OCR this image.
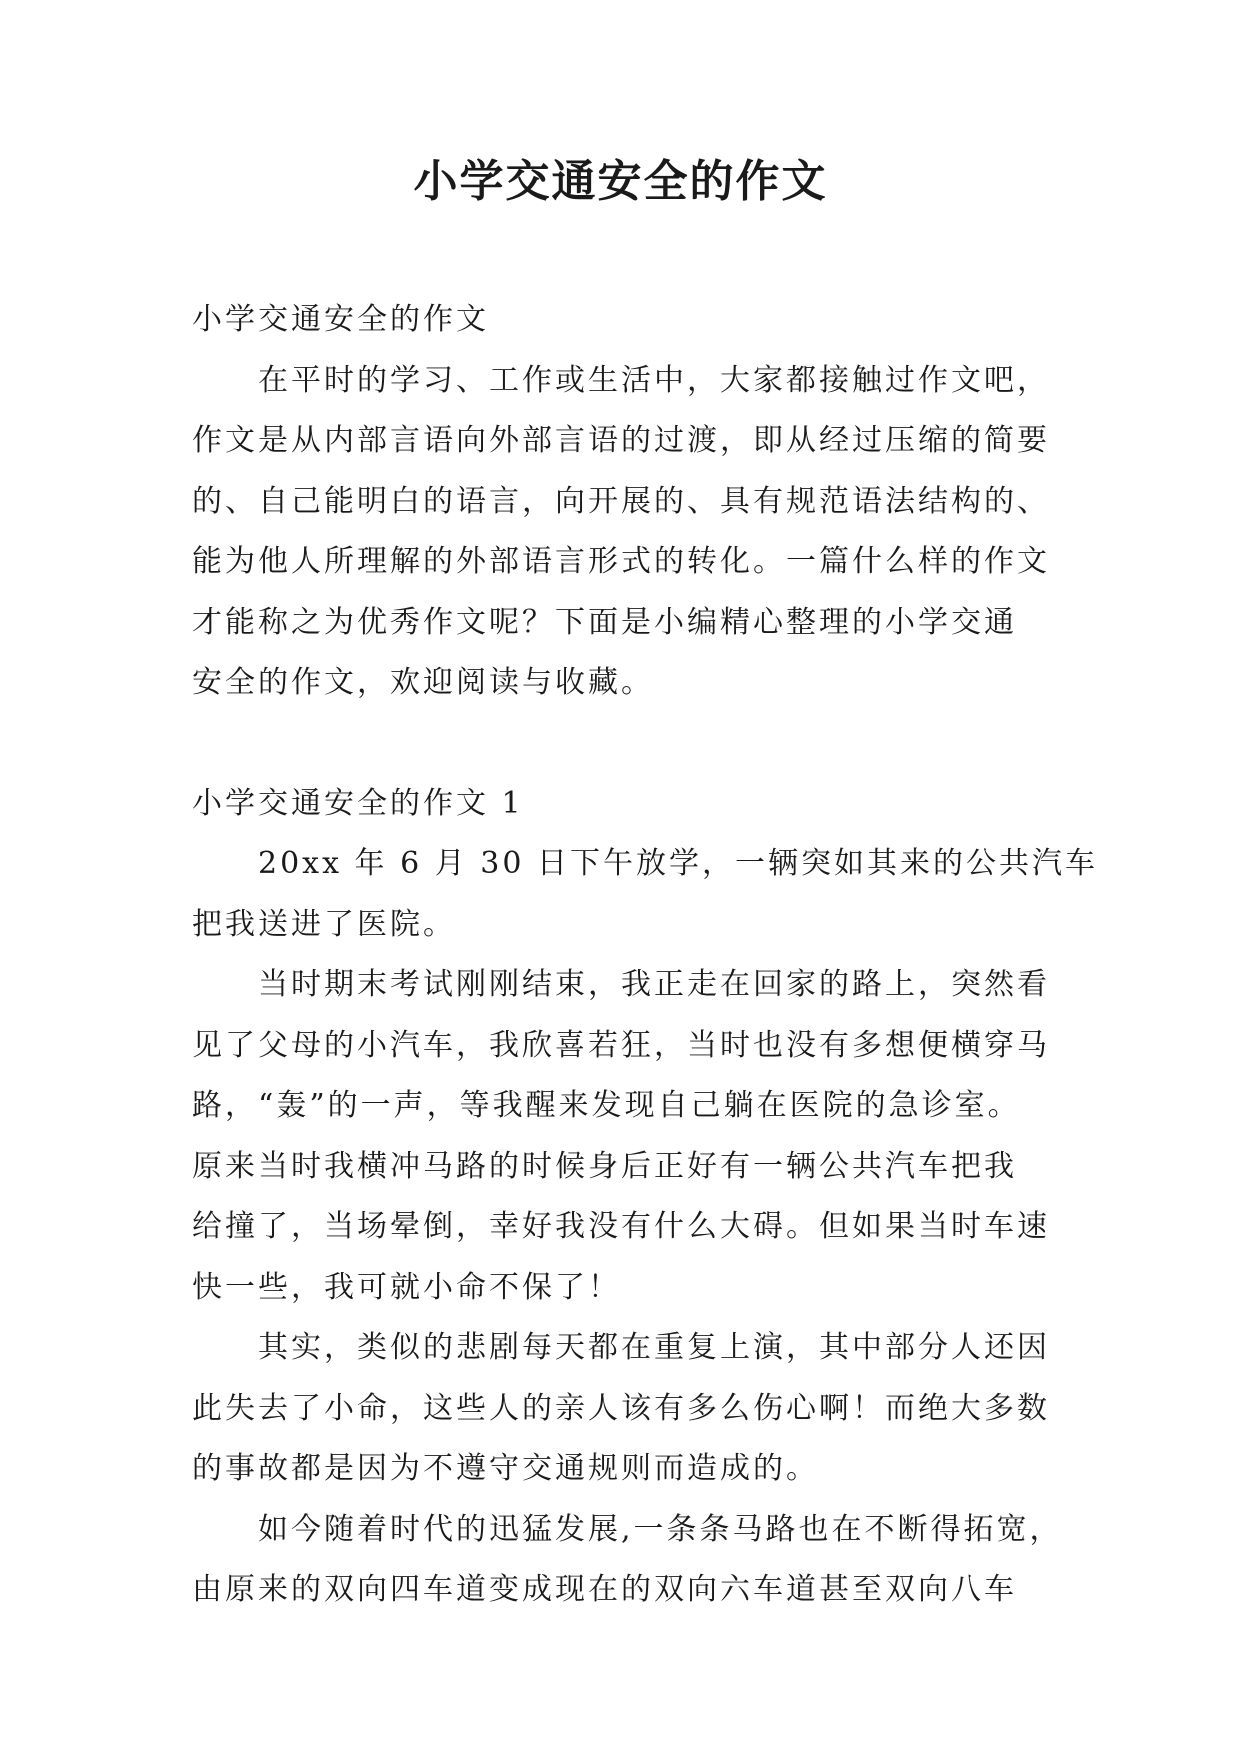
小学交通安全的作文
小学交通安全的作文
在平时的学习、工作或生活中，大家都接触过作文吧，
作文是从内部言语向外部言语的过渡，即从经过压缩的简要
的、自己能明白的语言，向开展的、具有规范语法结构的、
能为他人所理解的外部语言形式的转化。一篇什么样的作文
才能称之为优秀作文呢？下面是小编精心整理的小学交通
安全的作文，欢迎阅读与收藏。
小学交通安全的作文 1
20xx 年 6 月 30 日下午放学，一辆突如其来的公共汽车
把我送进了医院。
当时期末考试刚刚结束，我正走在回家的路上，突然看
见了父母的小汽车，我欣喜若狂，当时也没有多想便横穿马
路，“轰”的一声，等我醒来发现自己躺在医院的急诊室。
原来当时我横冲马路的时候身后正好有一辆公共汽车把我
给撞了，当场晕倒，幸好我没有什么大碍。但如果当时车速
快一些，我可就小命不保了！
其实，类似的悲剧每天都在重复上演，其中部分人还因
此失去了小命，这些人的亲人该有多么伤心啊！而绝大多数
的事故都是因为不遵守交通规则而造成的。
如今随着时代的迅猛发展,一条条马路也在不断得拓宽，
由原来的双向四车道变成现在的双向六车道甚至双向八车
